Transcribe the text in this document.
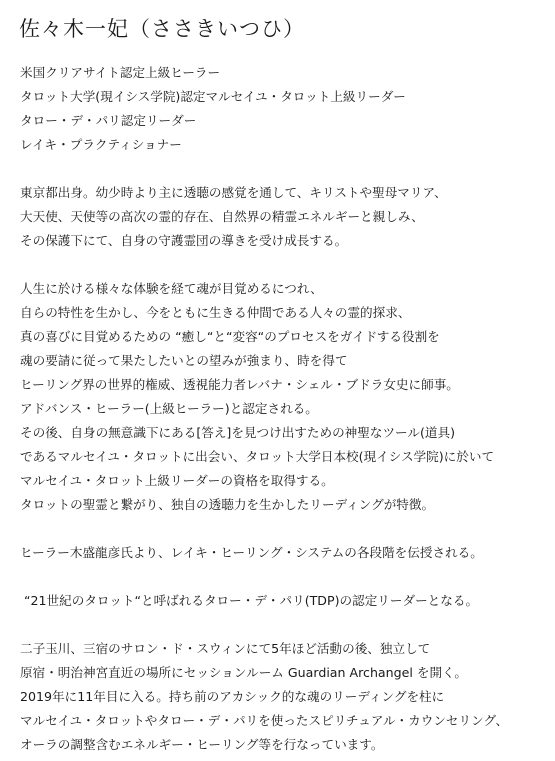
佐々木一妃（ささきいつひ）
米国クリアサイト認定上級ヒーラー
タロット大学(現イシス学院)認定マルセイユ・タロット上級リーダー
タロー・デ・パリ認定リーダー
レイキ・プラクティショナー
東京都出身。幼少時より主に透聴の感覚を通して、キリストや聖母マリア、
大天使、天使等の高次の霊的存在、自然界の精霊エネルギーと親しみ、
その保護下にて、自身の守護霊団の導きを受け成長する。
人生に於ける様々な体験を経て魂が目覚めるにつれ、
自らの特性を生かし、今をともに生きる仲間である人々の霊的探求、
真の喜びに目覚めるための “癒し“と“変容“のプロセスをガイドする役割を
魂の要請に従って果たしたいとの望みが強まり、時を得て
ヒーリング界の世界的権威、透視能力者レバナ・シェル・ブドラ女史に師事。
アドバンス・ヒーラー(上級ヒーラー)と認定される。
その後、自身の無意識下にある[答え]を見つけ出すための神聖なツール(道具)
であるマルセイユ・タロットに出会い、タロット大学日本校(現イシス学院)に於いて
マルセイユ・タロット上級リーダーの資格を取得する。
タロットの聖霊と繋がり、独自の透聴力を生かしたリーディングが特徴。
ヒーラー木盛龍彦氏より、レイキ・ヒーリング・システムの各段階を伝授される。
“21世紀のタロット“と呼ばれるタロー・デ・パリ(TDP)の認定リーダーとなる。
二子玉川、三宿のサロン・ド・スウィンにて5年ほど活動の後、独立して
原宿・明治神宮直近の場所にセッションルーム Guardian Archangel を開く。
2019年に11年目に入る。持ち前のアカシック的な魂のリーディングを柱に
マルセイユ・タロットやタロー・デ・パリを使ったスピリチュアル・カウンセリング、
オーラの調整含むエネルギー・ヒーリング等を行なっています。
